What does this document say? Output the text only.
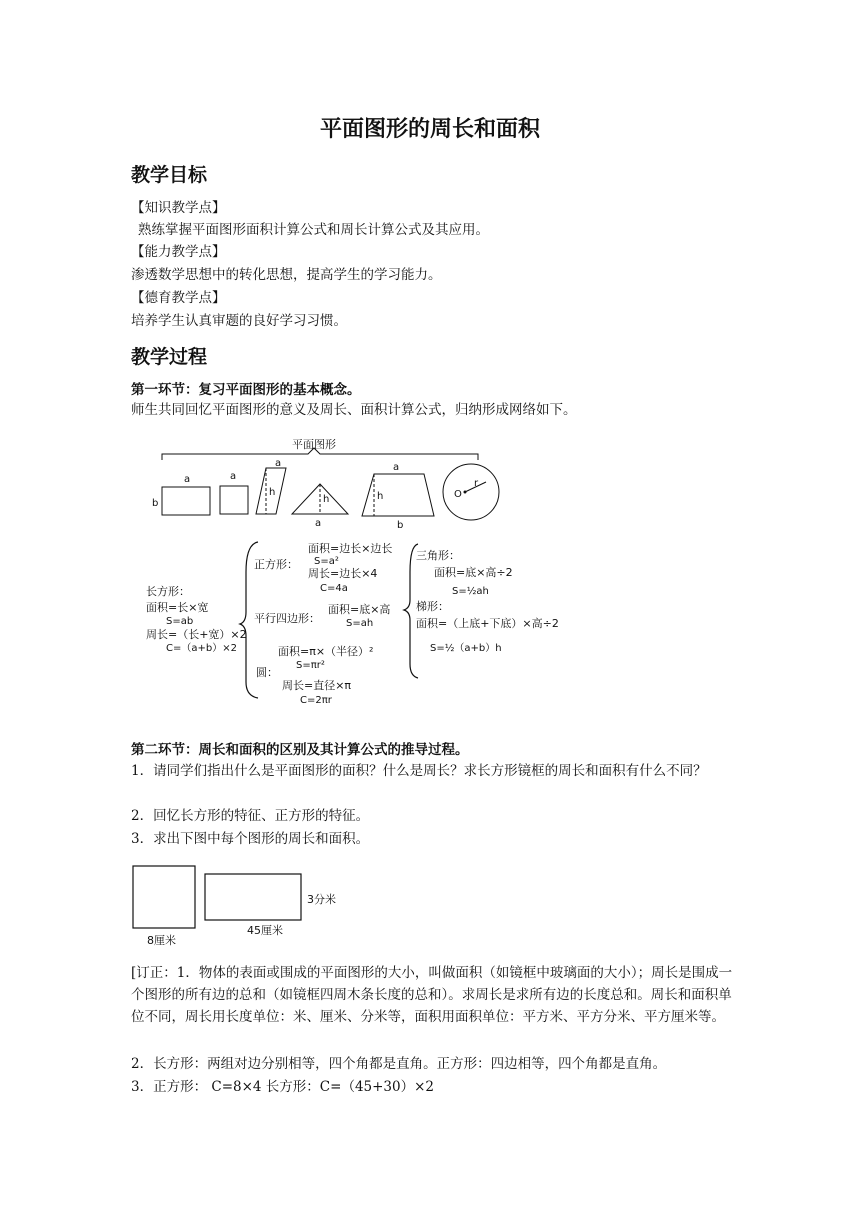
平面图形的周长和面积
教学目标
【知识教学点】
熟练掌握平面图形面积计算公式和周长计算公式及其应用。
【能力教学点】
渗透数学思想中的转化思想，提高学生的学习能力。
【德育教学点】
培养学生认真审题的良好学习习惯。
教学过程
第一环节：复习平面图形的基本概念。
师生共同回忆平面图形的意义及周长、面积计算公式，归纳形成网络如下。
平面图形
a
b
a
a
h
h
a
a
h
b
O
r
长方形：
面积=长×宽
S=ab
周长=（长+宽）×2
C=（a+b）×2
正方形：
面积=边长×边长
S=a²
周长=边长×4
C=4a
平行四边形：
面积=底×高
S=ah
面积=π×（半径）²
S=πr²
圆：
周长=直径×π
C=2πr
三角形：
面积=底×高÷2
S=½ah
梯形：
面积=（上底+下底）×高÷2
S=½（a+b）h
第二环节：周长和面积的区别及其计算公式的推导过程。
1．请同学们指出什么是平面图形的面积？什么是周长？求长方形镜框的周长和面积有什么不同？
2．回忆长方形的特征、正方形的特征。
3．求出下图中每个图形的周长和面积。
8厘米
45厘米
3分米
[订正：1．物体的表面或围成的平面图形的大小，叫做面积（如镜框中玻璃面的大小）；周长是围成一个图形的所有边的总和（如镜框四周木条长度的总和）。求周长是求所有边的长度总和。周长和面积单位不同，周长用长度单位：米、厘米、分米等，面积用面积单位：平方米、平方分米、平方厘米等。
2．长方形：两组对边分别相等，四个角都是直角。正方形：四边相等，四个角都是直角。
3．正方形： C=8×4 长方形：C=（45+30）×2
